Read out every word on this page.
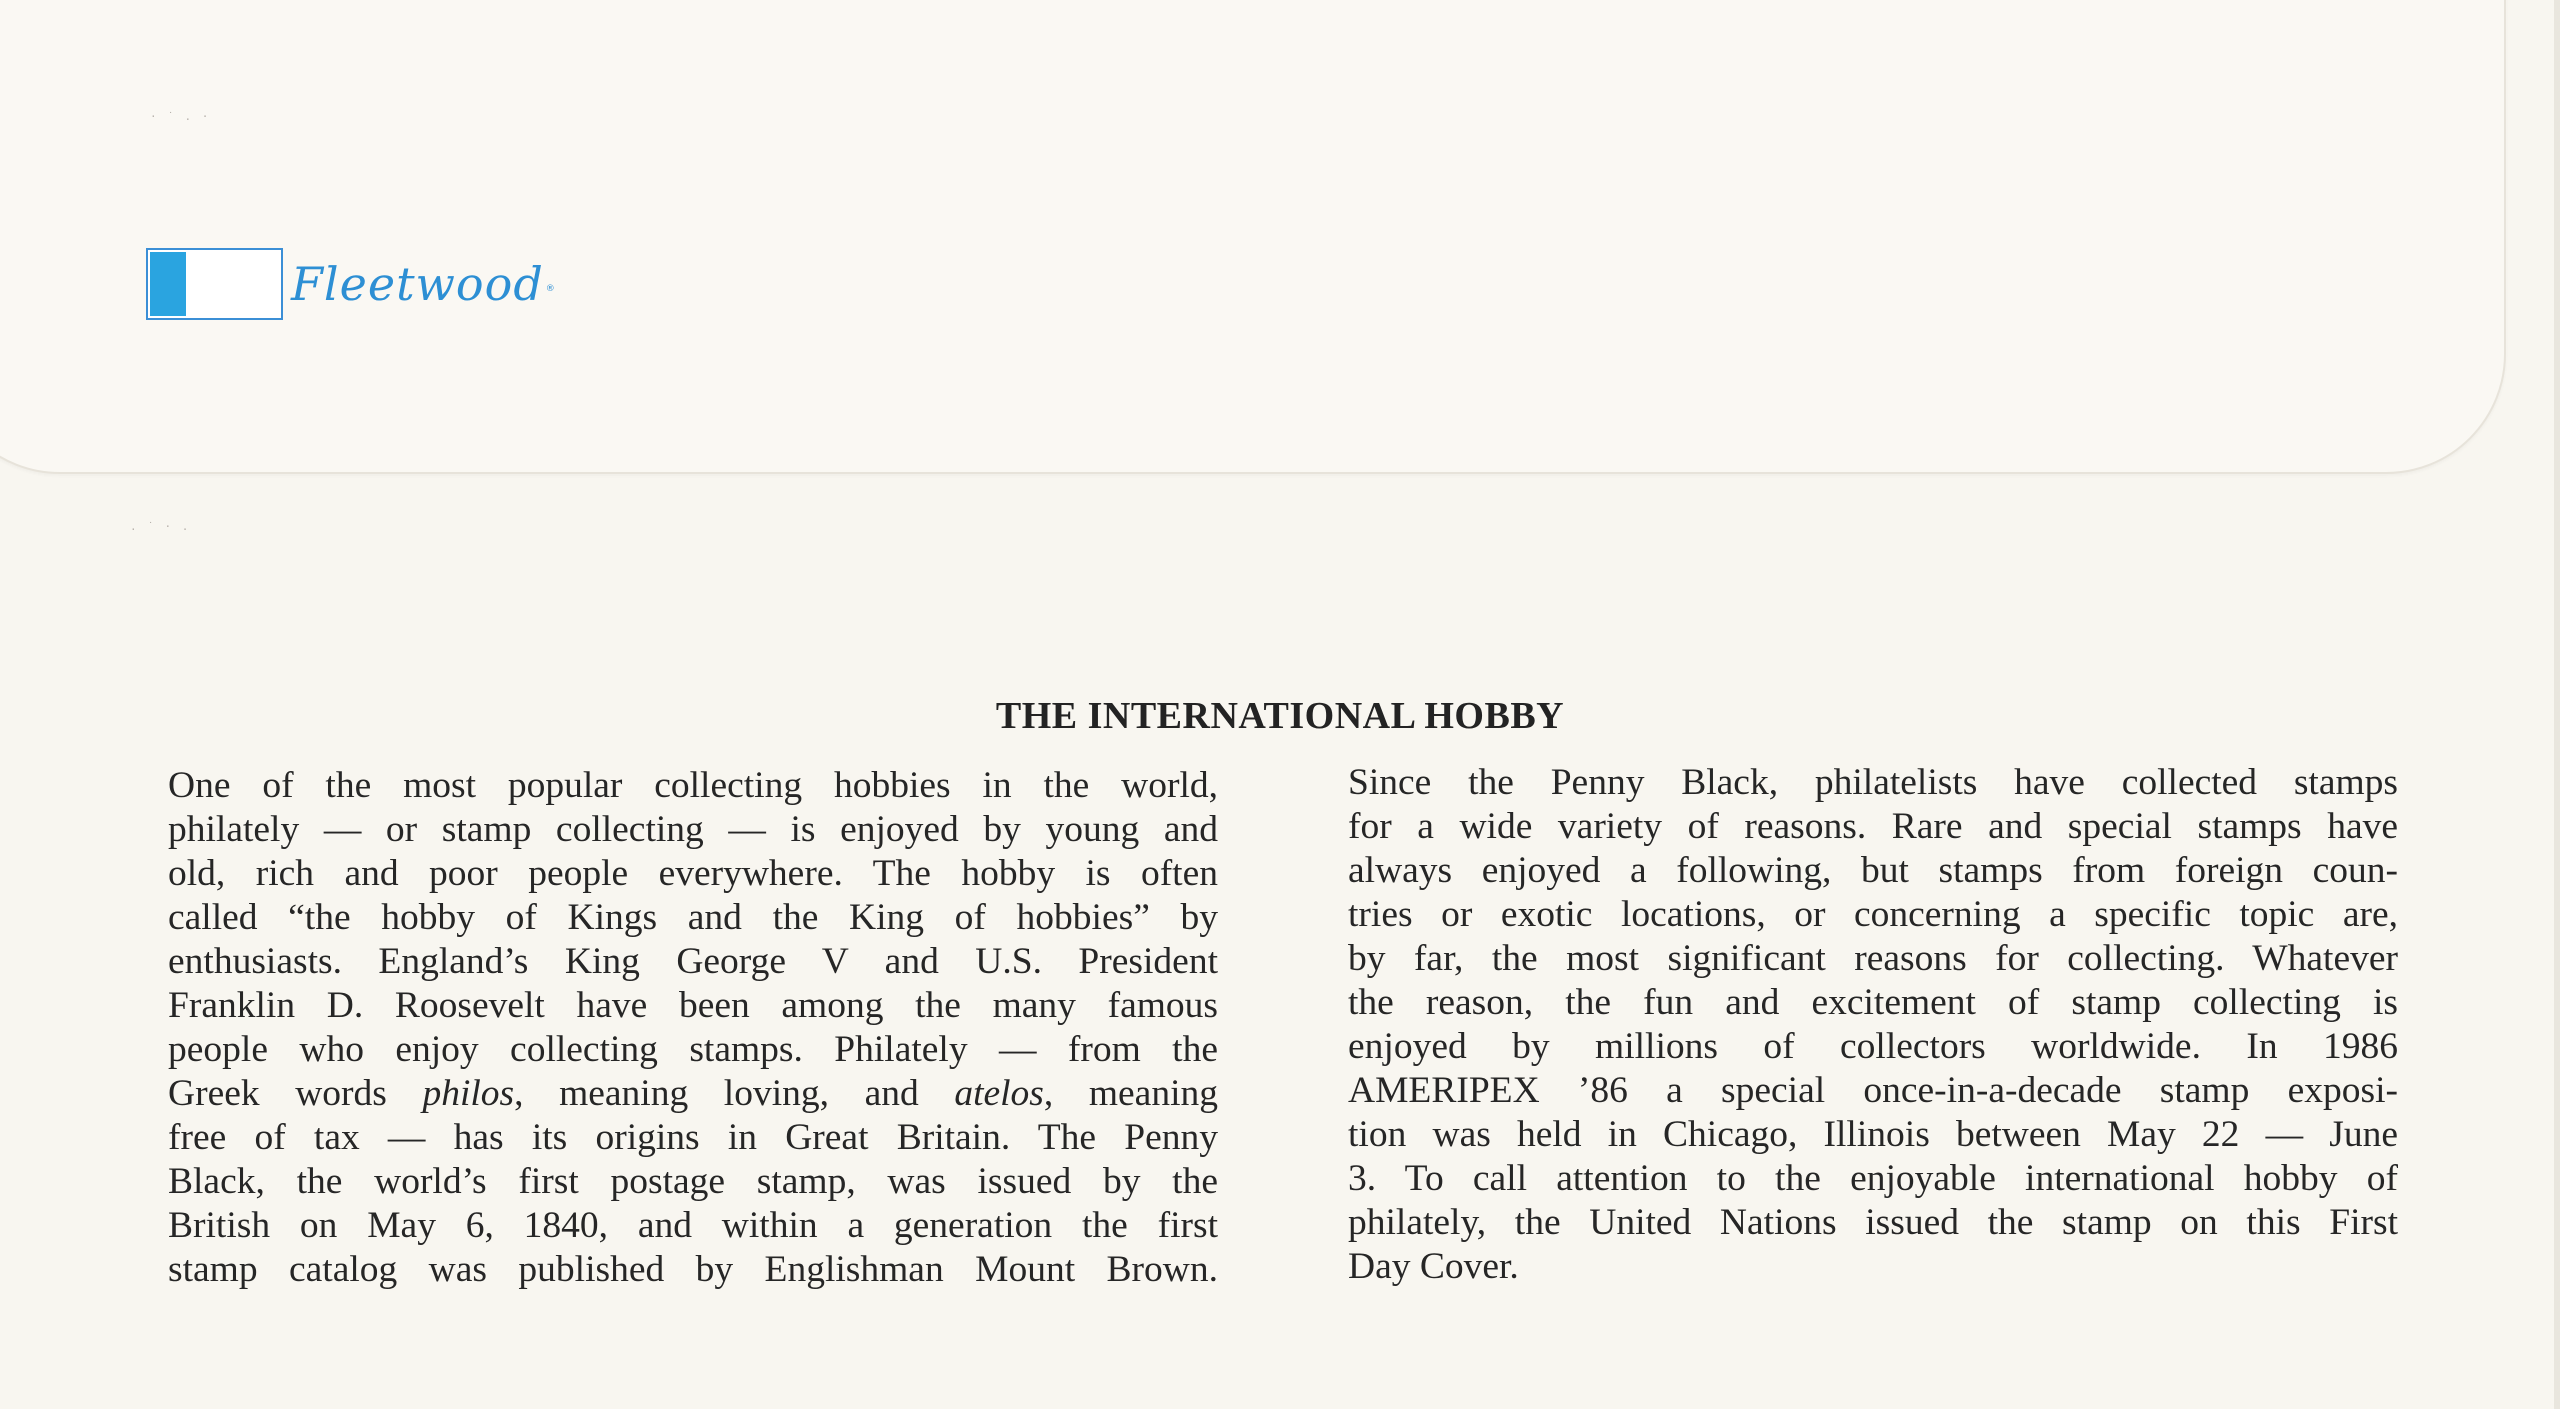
· ˙ . ·
. ˙ · .
Fleetwood ®
THE INTERNATIONAL HOBBY
One of the most popular collecting hobbies in the world,
philately — or stamp collecting — is enjoyed by young and
old, rich and poor people everywhere. The hobby is often
called “the hobby of Kings and the King of hobbies” by
enthusiasts. England’s King George V and U.S. President
Franklin D. Roosevelt have been among the many famous
people who enjoy collecting stamps. Philately — from the
Greek words philos, meaning loving, and atelos, meaning
free of tax — has its origins in Great Britain. The Penny
Black, the world’s first postage stamp, was issued by the
British on May 6, 1840, and within a generation the first
stamp catalog was published by Englishman Mount Brown.
Since the Penny Black, philatelists have collected stamps
for a wide variety of reasons. Rare and special stamps have
always enjoyed a following, but stamps from foreign coun-
tries or exotic locations, or concerning a specific topic are,
by far, the most significant reasons for collecting. Whatever
the reason, the fun and excitement of stamp collecting is
enjoyed by millions of collectors worldwide. In 1986
AMERIPEX ’86 a special once-in-a-decade stamp exposi-
tion was held in Chicago, Illinois between May 22 — June
3. To call attention to the enjoyable international hobby of
philately, the United Nations issued the stamp on this First
Day Cover.
